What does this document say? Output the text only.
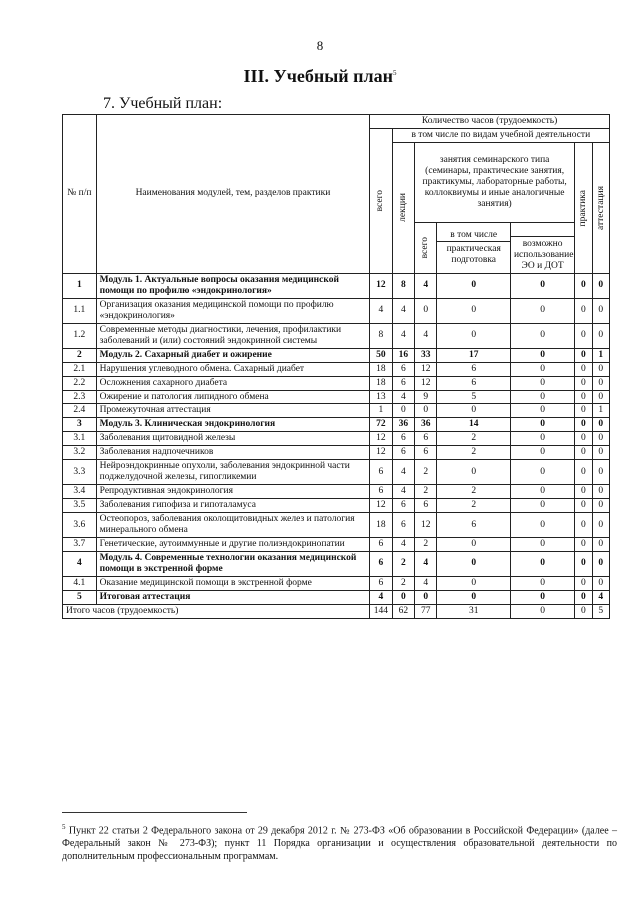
8
III. Учебный план$^5$
7. Учебный план:
№ п/п	Наименования модулей, тем, разделов практики	Количество часов (трудоемкость)						

		всего	в том числе по видам учебной деятельности					

			лекции	занятия семинарского типа (семинары, практические занятия, практикумы, лабораторные работы, коллоквиумы и иные аналогичные занятия)			практика	аттестация

				всего	в том числе
практическая подготовка	возможно использование ЭО и ДОТ		

1	Модуль 1. Актуальные вопросы оказания медицинской помощи по профилю «эндокринология»	12	8	4	0	0	0	0
1.1	Организация оказания медицинской помощи по профилю «эндокринология»	4	4	0	0	0	0	0
1.2	Современные методы диагностики, лечения, профилактики заболеваний и (или) состояний эндокринной системы	8	4	4	0	0	0	0
2	Модуль 2. Сахарный диабет и ожирение	50	16	33	17	0	0	1
2.1	Нарушения углеводного обмена. Сахарный диабет	18	6	12	6	0	0	0
2.2	Осложнения сахарного диабета	18	6	12	6	0	0	0
2.3	Ожирение и патология липидного обмена	13	4	9	5	0	0	0
2.4	Промежуточная аттестация	1	0	0	0	0	0	1
3	Модуль 3. Клиническая эндокринология	72	36	36	14	0	0	0
3.1	Заболевания щитовидной железы	12	6	6	2	0	0	0
3.2	Заболевания надпочечников	12	6	6	2	0	0	0
3.3	Нейроэндокринные опухоли, заболевания эндокринной части поджелудочной железы, гипогликемии	6	4	2	0	0	0	0
3.4	Репродуктивная эндокринология	6	4	2	2	0	0	0
3.5	Заболевания гипофиза и гипоталамуса	12	6	6	2	0	0	0
3.6	Остеопороз, заболевания околощитовидных желез и патология минерального обмена	18	6	12	6	0	0	0
3.7	Генетические, аутоиммунные и другие полиэндокринопатии	6	4	2	0	0	0	0
4	Модуль 4. Современные технологии оказания медицинской помощи в экстренной форме	6	2	4	0	0	0	0
4.1	Оказание медицинской помощи в экстренной форме	6	2	4	0	0	0	0
5	Итоговая аттестация	4	0	0	0	0	0	4
Итого часов (трудоемкость)		144	62	77	31	0	0	5
$^5$ Пункт 22 статьи 2 Федерального закона от 29 декабря 2012 г. № 273-ФЗ «Об образовании в Российской Федерации» (далее – Федеральный закон № 273-ФЗ); пункт 11 Порядка организации и осуществления образовательной деятельности по дополнительным профессиональным программам.
